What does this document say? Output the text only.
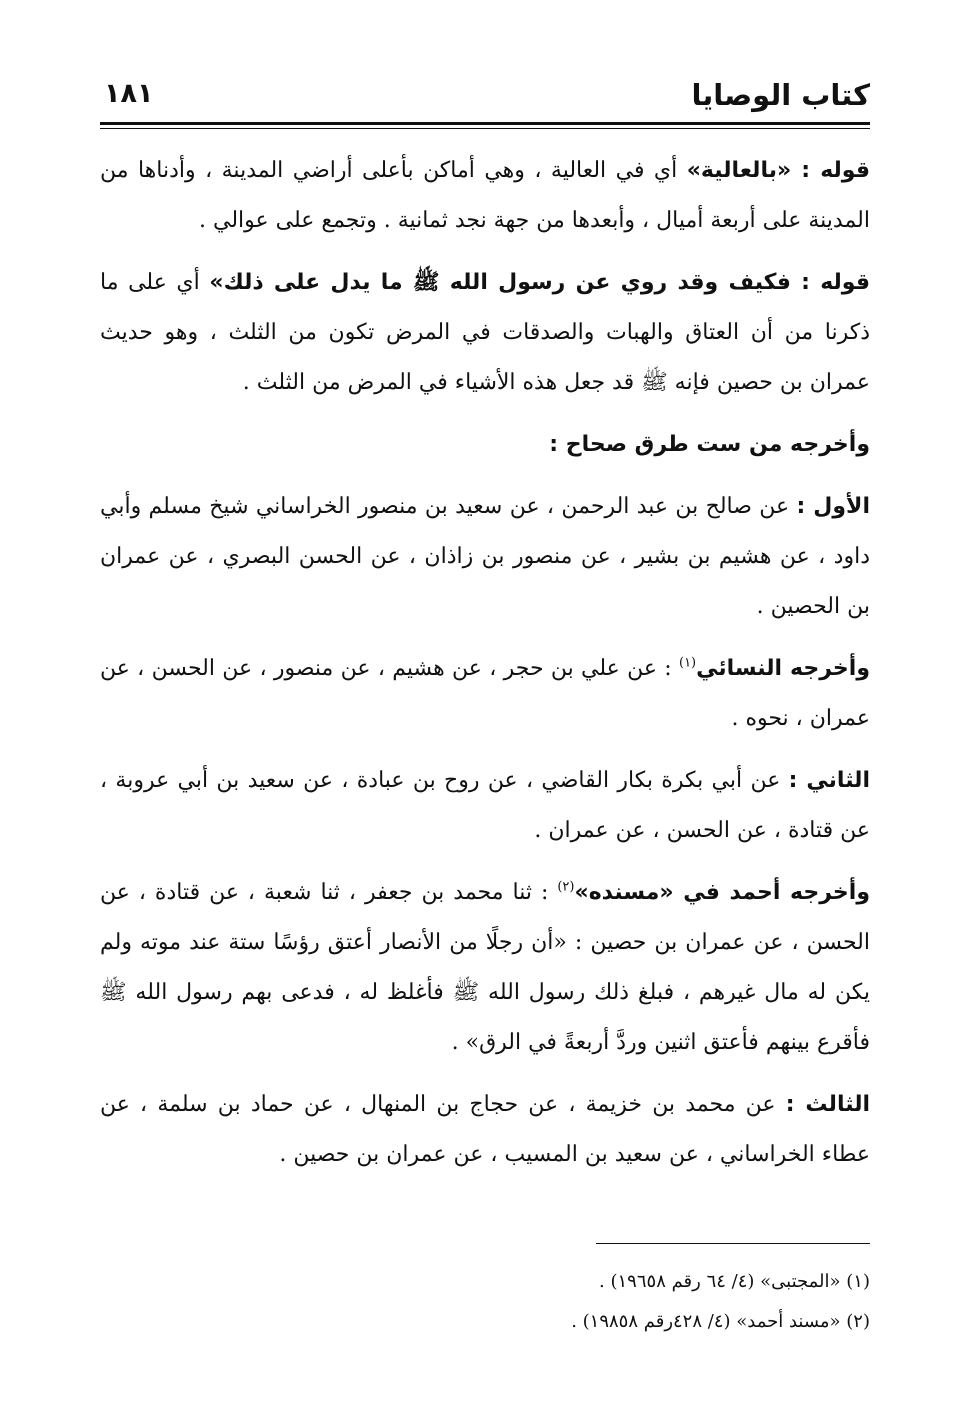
كتاب الوصايا
١٨١

قوله : «بالعالية» أي في العالية ، وهي أماكن بأعلى أراضي المدينة ، وأدناها من المدينة على أربعة أميال ، وأبعدها من جهة نجد ثمانية . وتجمع على عوالي .

قوله : فكيف وقد روي عن رسول الله ﷺ ما يدل على ذلك» أي على ما ذكرنا من أن العتاق والهبات والصدقات في المرض تكون من الثلث ، وهو حديث عمران بن حصين فإنه ﷺ قد جعل هذه الأشياء في المرض من الثلث .

وأخرجه من ست طرق صحاح :

الأول : عن صالح بن عبد الرحمن ، عن سعيد بن منصور الخراساني شيخ مسلم وأبي داود ، عن هشيم بن بشير ، عن منصور بن زاذان ، عن الحسن البصري ، عن عمران بن الحصين .

وأخرجه النسائي$^{(١)}$ : عن علي بن حجر ، عن هشيم ، عن منصور ، عن الحسن ، عن عمران ، نحوه .

الثاني : عن أبي بكرة بكار القاضي ، عن روح بن عبادة ، عن سعيد بن أبي عروبة ، عن قتادة ، عن الحسن ، عن عمران .

وأخرجه أحمد في «مسنده»$^{(٢)}$ : ثنا محمد بن جعفر ، ثنا شعبة ، عن قتادة ، عن الحسن ، عن عمران بن حصين : «أن رجلًا من الأنصار أعتق رؤسًا ستة عند موته ولم يكن له مال غيرهم ، فبلغ ذلك رسول الله ﷺ فأغلظ له ، فدعى بهم رسول الله ﷺ فأقرع بينهم فأعتق اثنين وردَّ أربعةً في الرق» .

الثالث : عن محمد بن خزيمة ، عن حجاج بن المنهال ، عن حماد بن سلمة ، عن عطاء الخراساني ، عن سعيد بن المسيب ، عن عمران بن حصين .

(١) «المجتبى» (٤/ ٦٤ رقم ١٩٦٥٨) .
(٢) «مسند أحمد» (٤/ ٤٢٨رقم ١٩٨٥٨) .
